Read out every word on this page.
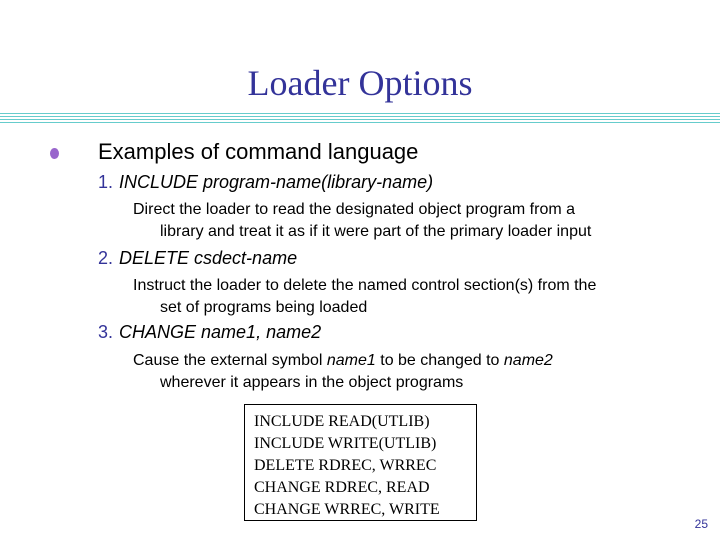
Loader Options
Examples of command language
1. INCLUDE program-name(library-name)
Direct the loader to read the designated object program from a
library and treat it as if it were part of the primary loader input
2. DELETE csdect-name
Instruct the loader to delete the named control section(s) from the
set of programs being loaded
3. CHANGE name1, name2
Cause the external symbol name1 to be changed to name2
wherever it appears in the object programs
INCLUDE READ(UTLIB)
INCLUDE WRITE(UTLIB)
DELETE RDREC, WRREC
CHANGE RDREC, READ
CHANGE WRREC, WRITE
25
